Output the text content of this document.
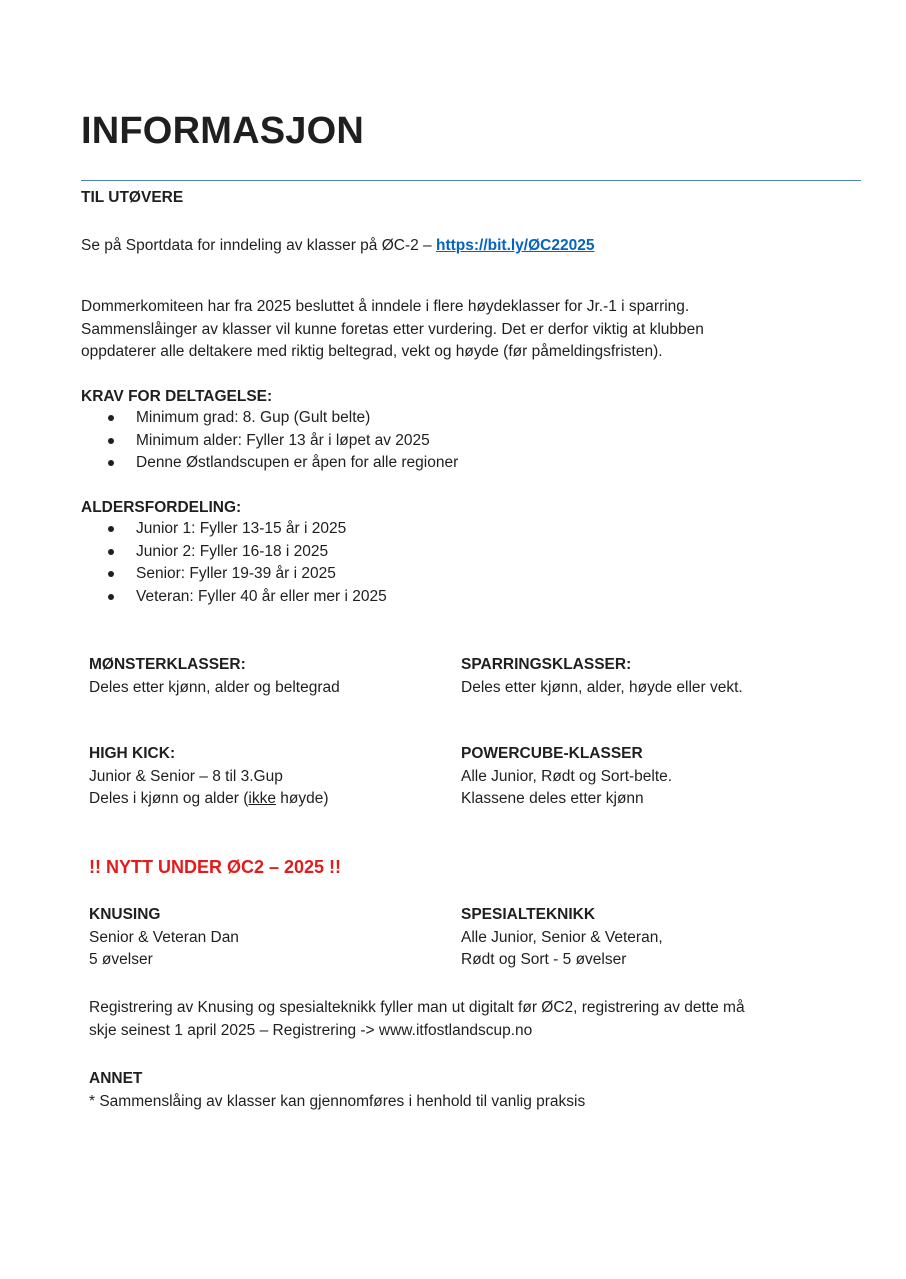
INFORMASJON
TIL UTØVERE
Se på Sportdata for inndeling av klasser på ØC-2 – https://bit.ly/ØC22025
Dommerkomiteen har fra 2025 besluttet å inndele i flere høydeklasser for Jr.-1 i sparring.
Sammenslåinger av klasser vil kunne foretas etter vurdering. Det er derfor viktig at klubben
oppdaterer alle deltakere med riktig beltegrad, vekt og høyde (før påmeldingsfristen).
KRAV FOR DELTAGELSE:
Minimum grad: 8. Gup (Gult belte)
Minimum alder: Fyller 13 år i løpet av 2025
Denne Østlandscupen er åpen for alle regioner
ALDERSFORDELING:
Junior 1: Fyller 13-15 år i 2025
Junior 2: Fyller 16-18 i 2025
Senior: Fyller 19-39 år i 2025
Veteran: Fyller 40 år eller mer i 2025
MØNSTERKLASSER:
Deles etter kjønn, alder og beltegrad
SPARRINGSKLASSER:
Deles etter kjønn, alder, høyde eller vekt.
HIGH KICK:
Junior & Senior – 8 til 3.Gup
Deles i kjønn og alder (ikke høyde)
POWERCUBE-KLASSER
Alle Junior, Rødt og Sort-belte.
Klassene deles etter kjønn
!! NYTT UNDER ØC2 – 2025 !!
KNUSING
Senior & Veteran Dan
5 øvelser
SPESIALTEKNIKK
Alle Junior, Senior & Veteran,
Rødt og Sort - 5 øvelser
Registrering av Knusing og spesialteknikk fyller man ut digitalt før ØC2, registrering av dette må
skje seinest 1 april 2025 – Registrering -> www.itfostlandscup.no
ANNET
* Sammenslåing av klasser kan gjennomføres i henhold til vanlig praksis
